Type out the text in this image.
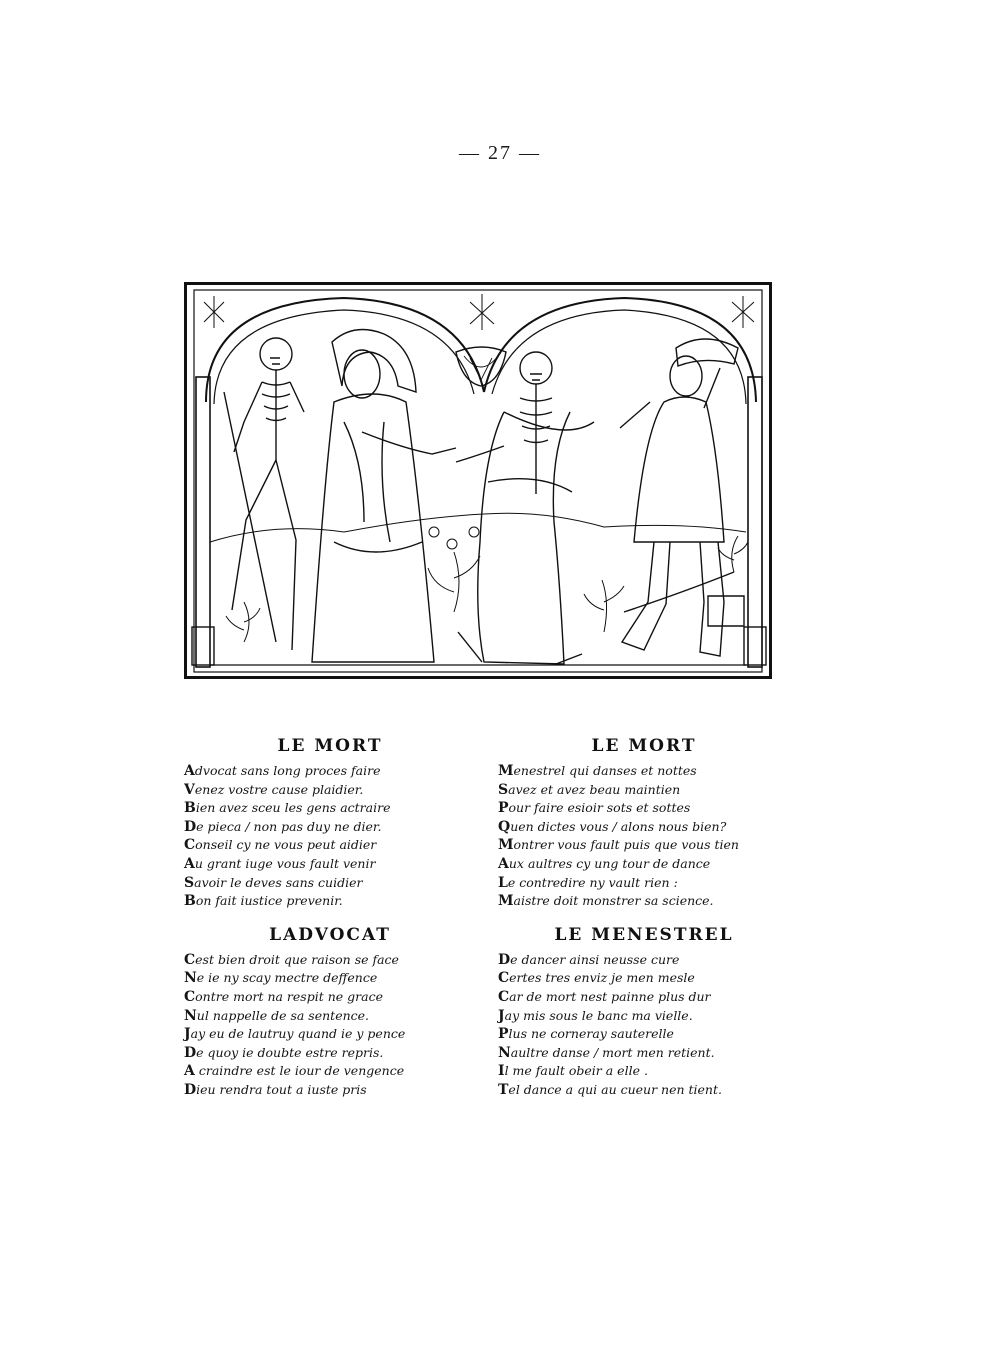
— 27 —
LE MORT
Advocat sans long proces faire
Venez vostre cause plaidier.
Bien avez sceu les gens actraire
De pieca / non pas duy ne dier.
Conseil cy ne vous peut aidier
Au grant iuge vous fault venir
Savoir le deves sans cuidier
Bon fait iustice prevenir.
LADVOCAT
Cest bien droit que raison se face
Ne ie ny scay mectre deffence
Contre mort na respit ne grace
Nul nappelle de sa sentence.
Jay eu de lautruy quand ie y pence
De quoy ie doubte estre repris.
A craindre est le iour de vengence
Dieu rendra tout a iuste pris
LE MORT
Menestrel qui danses et nottes
Savez et avez beau maintien
Pour faire esioir sots et sottes
Quen dictes vous / alons nous bien?
Montrer vous fault puis que vous tien
Aux aultres cy ung tour de dance
Le contredire ny vault rien :
Maistre doit monstrer sa science.
LE MENESTREL
De dancer ainsi neusse cure
Certes tres enviz je men mesle
Car de mort nest painne plus dur
Jay mis sous le banc ma vielle.
Plus ne corneray sauterelle
Naultre danse / mort men retient.
Il me fault obeir a elle .
Tel dance a qui au cueur nen tient.
